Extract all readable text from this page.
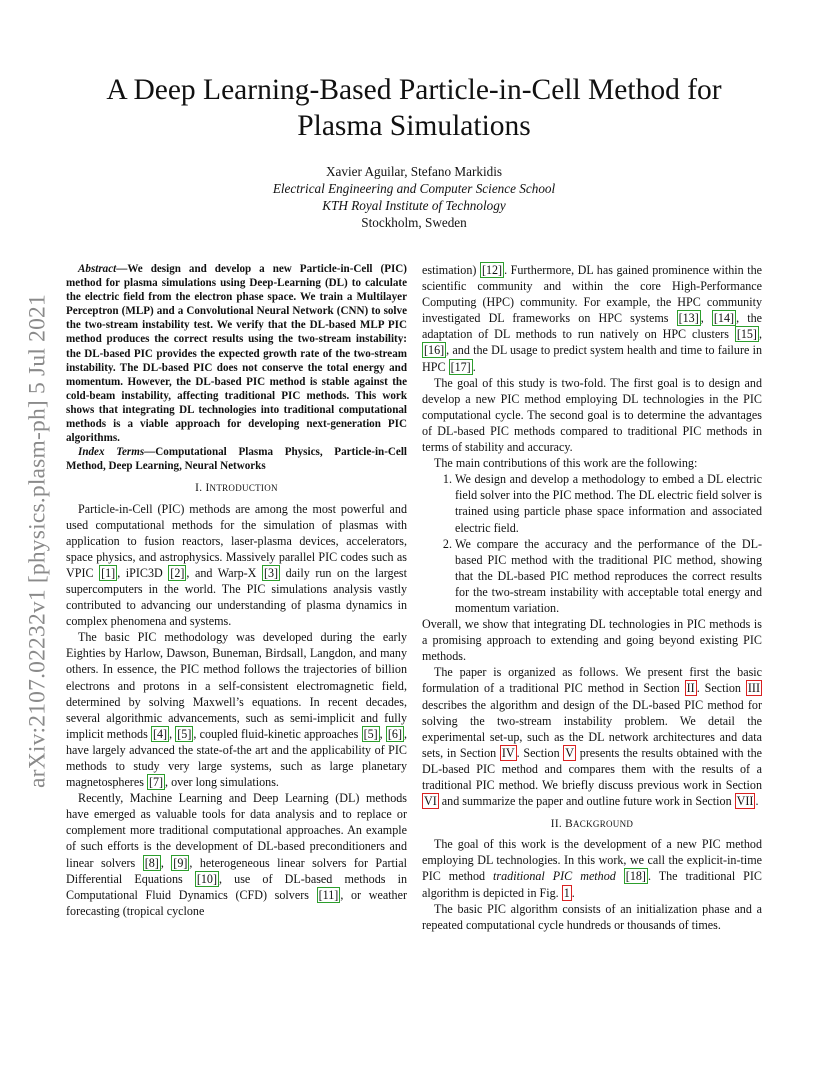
arXiv:2107.02232v1 [physics.plasm-ph] 5 Jul 2021
A Deep Learning-Based Particle-in-Cell Method for
Plasma Simulations
Xavier Aguilar, Stefano Markidis
Electrical Engineering and Computer Science School
KTH Royal Institute of Technology
Stockholm, Sweden

Abstract—We design and develop a new Particle-in-Cell (PIC) method for plasma simulations using Deep-Learning (DL) to calculate the electric field from the electron phase space. We train a Multilayer Perceptron (MLP) and a Convolutional Neural Network (CNN) to solve the two-stream instability test. We verify that the DL-based MLP PIC method produces the correct results using the two-stream instability: the DL-based PIC provides the expected growth rate of the two-stream instability. The DL-based PIC does not conserve the total energy and momentum. However, the DL-based PIC method is stable against the cold-beam instability, affecting traditional PIC methods. This work shows that integrating DL technologies into traditional computational methods is a viable approach for developing next-generation PIC algorithms.

Index Terms—Computational Plasma Physics, Particle-in-Cell Method, Deep Learning, Neural Networks

I. INTRODUCTION

Particle-in-Cell (PIC) methods are among the most powerful and used computational methods for the simulation of plasmas with application to fusion reactors, laser-plasma devices, accelerators, space physics, and astrophysics. Massively parallel PIC codes such as VPIC [1] , iPIC3D [2] , and Warp-X [3] daily run on the largest supercomputers in the world. The PIC simulations analysis vastly contributed to advancing our understanding of plasma dynamics in complex phenomena and systems.

The basic PIC methodology was developed during the early Eighties by Harlow, Dawson, Buneman, Birdsall, Langdon, and many others. In essence, the PIC method follows the trajectories of billion electrons and protons in a self-consistent electromagnetic field, determined by solving Maxwell’s equations. In recent decades, several algorithmic advancements, such as semi-implicit and fully implicit methods [4] , [5] , coupled fluid-kinetic approaches [5] , [6] , have largely advanced the state-of-the art and the applicability of PIC methods to study very large systems, such as large planetary magnetospheres [7] , over long simulations.

Recently, Machine Learning and Deep Learning (DL) methods have emerged as valuable tools for data analysis and to replace or complement more traditional computational approaches. An example of such efforts is the development of DL-based preconditioners and linear solvers [8] , [9] , heterogeneous linear solvers for Partial Differential Equations [10] , use of DL-based methods in Computational Fluid Dynamics (CFD) solvers [11] , or weather forecasting (tropical cyclone

estimation) [12] . Furthermore, DL has gained prominence within the scientific community and within the core High-Performance Computing (HPC) community. For example, the HPC community investigated DL frameworks on HPC systems [13] , [14] , the adaptation of DL methods to run natively on HPC clusters [15] , [16] , and the DL usage to predict system health and time to failure in HPC [17] .

The goal of this study is two-fold. The first goal is to design and develop a new PIC method employing DL technologies in the PIC computational cycle. The second goal is to determine the advantages of DL-based PIC methods compared to traditional PIC methods in terms of stability and accuracy.

The main contributions of this work are the following:

1. We design and develop a methodology to embed a DL electric field solver into the PIC method. The DL electric field solver is trained using particle phase space information and associated electric field.
2. We compare the accuracy and the performance of the DL-based PIC method with the traditional PIC method, showing that the DL-based PIC method reproduces the correct results for the two-stream instability with acceptable total energy and momentum variation.

Overall, we show that integrating DL technologies in PIC methods is a promising approach to extending and going beyond existing PIC methods.

The paper is organized as follows. We present first the basic formulation of a traditional PIC method in Section II . Section III describes the algorithm and design of the DL-based PIC method for solving the two-stream instability problem. We detail the experimental set-up, such as the DL network architectures and data sets, in Section IV . Section V presents the results obtained with the DL-based PIC method and compares them with the results of a traditional PIC method. We briefly discuss previous work in Section VI and summarize the paper and outline future work in Section VII .

II. BACKGROUND

The goal of this work is the development of a new PIC method employing DL technologies. In this work, we call the explicit-in-time PIC method traditional PIC method [18] . The traditional PIC algorithm is depicted in Fig. 1 .

The basic PIC algorithm consists of an initialization phase and a repeated computational cycle hundreds or thousands of times.
